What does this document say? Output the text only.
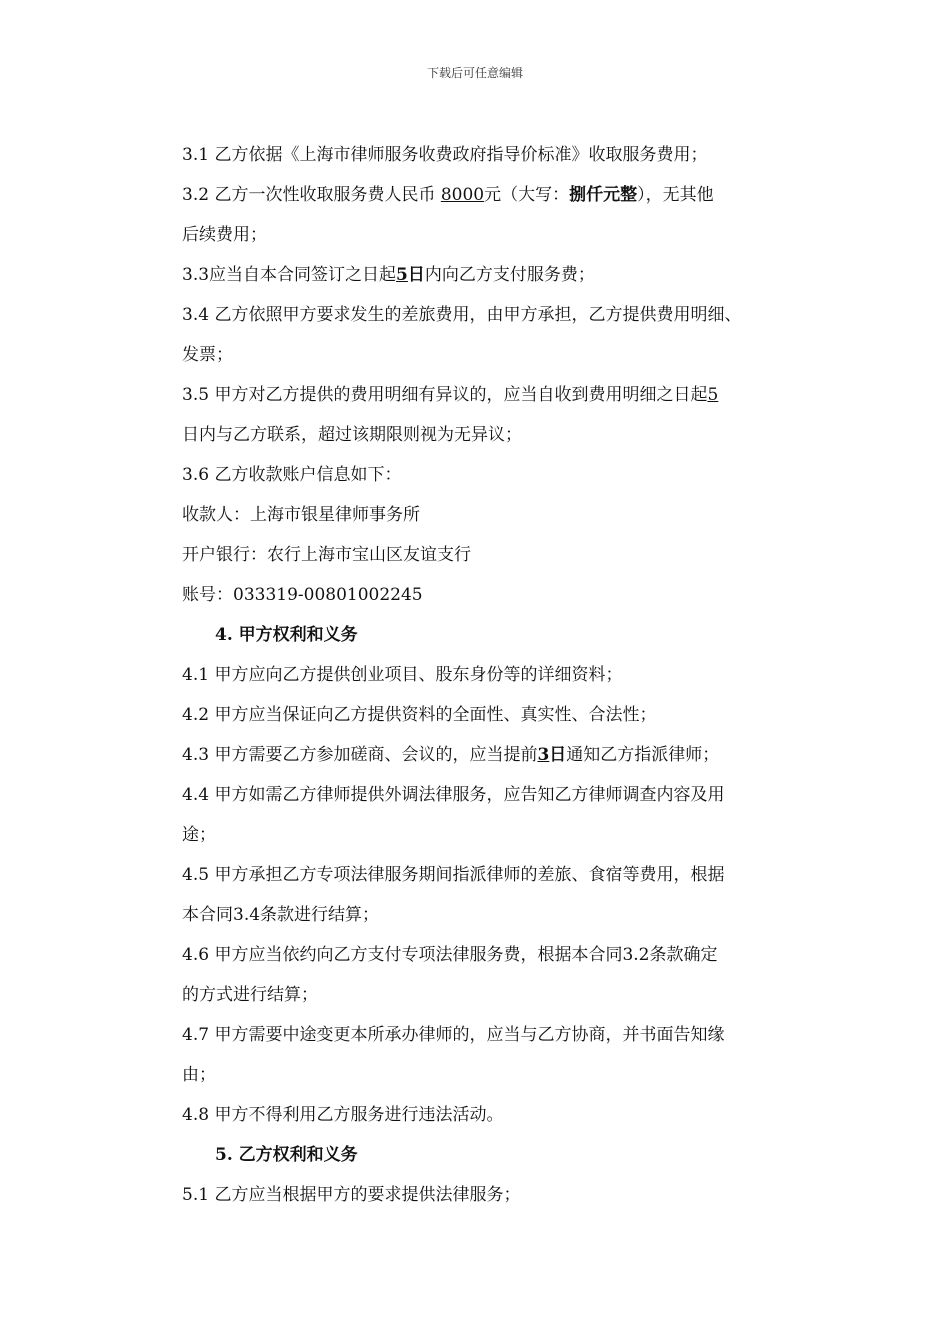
下载后可任意编辑
3.1 乙方依据《上海市律师服务收费政府指导价标准》收取服务费用；
3.2 乙方一次性收取服务费人民币 8000元（大写：捌仟元整），无其他
后续费用；
3.3应当自本合同签订之日起5日内向乙方支付服务费；
3.4 乙方依照甲方要求发生的差旅费用，由甲方承担，乙方提供费用明细、
发票；
3.5 甲方对乙方提供的费用明细有异议的，应当自收到费用明细之日起5
日内与乙方联系，超过该期限则视为无异议；
3.6 乙方收款账户信息如下：
收款人：上海市银星律师事务所
开户银行：农行上海市宝山区友谊支行
账号：033319-00801002245
4. 甲方权利和义务
4.1 甲方应向乙方提供创业项目、股东身份等的详细资料；
4.2 甲方应当保证向乙方提供资料的全面性、真实性、合法性；
4.3 甲方需要乙方参加磋商、会议的，应当提前3日通知乙方指派律师；
4.4 甲方如需乙方律师提供外调法律服务，应告知乙方律师调查内容及用
途；
4.5 甲方承担乙方专项法律服务期间指派律师的差旅、食宿等费用，根据
本合同3.4条款进行结算；
4.6 甲方应当依约向乙方支付专项法律服务费，根据本合同3.2条款确定
的方式进行结算；
4.7 甲方需要中途变更本所承办律师的，应当与乙方协商，并书面告知缘
由；
4.8 甲方不得利用乙方服务进行违法活动。
5. 乙方权利和义务
5.1 乙方应当根据甲方的要求提供法律服务；
